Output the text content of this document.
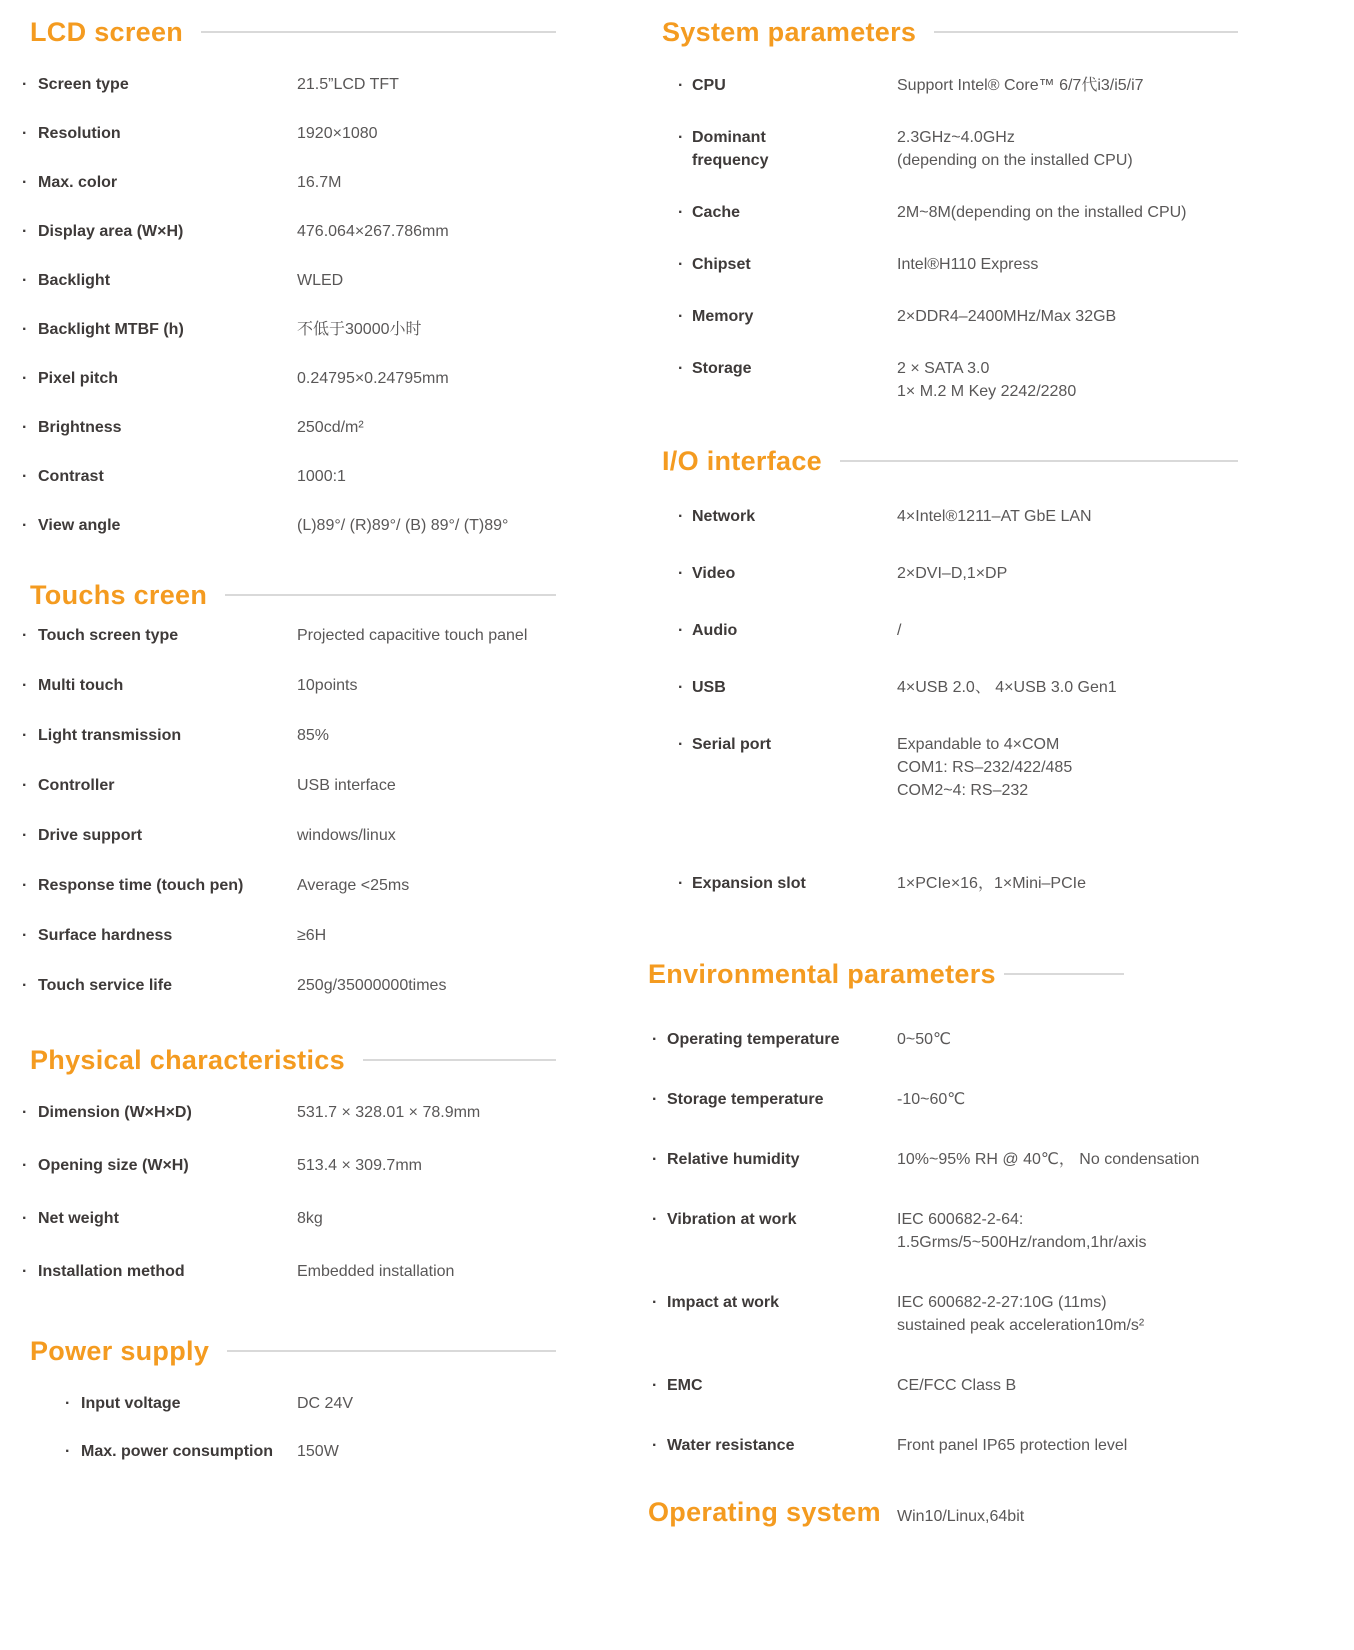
LCD screen
· Screen type	21.5”LCD TFT
· Resolution	1920×1080
· Max. color	16.7M
· Display area (W×H)	476.064×267.786mm
· Backlight	WLED
· Backlight MTBF (h)	不低于30000小时
· Pixel pitch	0.24795×0.24795mm
· Brightness	250cd/m²
· Contrast	1000:1
· View angle	(L)89°/ (R)89°/ (B) 89°/ (T)89°
Touchs creen
· Touch screen type	Projected capacitive touch panel
· Multi touch	10points
· Light transmission	85%
· Controller	USB interface
· Drive support	windows/linux
· Response time (touch pen)	Average <25ms
· Surface hardness	≥6H
· Touch service life	250g/35000000times
Physical characteristics
· Dimension (W×H×D)	531.7 × 328.01 × 78.9mm
· Opening size (W×H)	513.4 × 309.7mm
· Net weight	8kg
· Installation method	Embedded installation
Power supply
· Input voltage	DC 24V
· Max. power consumption	150W
System parameters
· CPU	Support Intel® Core™ 6/7代i3/i5/i7
· Dominant frequency
2.3GHz~4.0GHz
(depending on the installed CPU)
· Cache	2M~8M(depending on the installed CPU)
· Chipset	Intel®H110 Express
· Memory	2×DDR4–2400MHz/Max 32GB
· Storage	2 × SATA 3.0
1× M.2 M Key 2242/2280
I/O interface
· Network	4×Intel®1211–AT GbE LAN
· Video	2×DVI–D,1×DP
· Audio	/
· USB	4×USB 2.0、 4×USB 3.0 Gen1
· Serial port	Expandable to 4×COM
COM1: RS–232/422/485
COM2~4: RS–232
· Expansion slot	1×PCIe×16，1×Mini–PCIe
Environmental parameters
· Operating temperature	0~50℃
· Storage temperature	-10~60℃
· Relative humidity	10%~95% RH @ 40℃， No condensation
· Vibration at work	IEC 600682-2-64:
1.5Grms/5~500Hz/random,1hr/axis
· Impact at work	IEC 600682-2-27:10G (11ms)
sustained peak acceleration10m/s²
· EMC	CE/FCC Class B
· Water resistance	Front panel IP65 protection level
Operating system	Win10/Linux,64bit
